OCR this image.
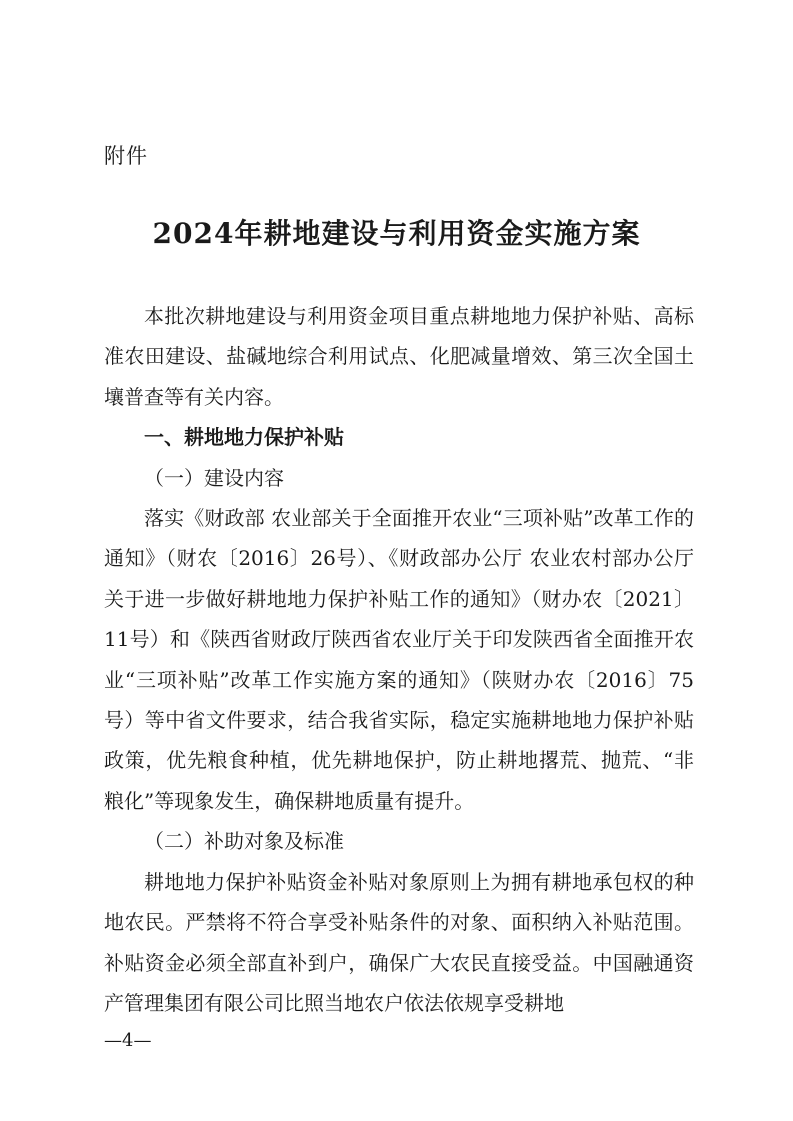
附件
2024年耕地建设与利用资金实施方案

本批次耕地建设与利用资金项目重点耕地地力保护补贴、高标准农田建设、盐碱地综合利用试点、化肥减量增效、第三次全国土壤普查等有关内容。

一、耕地地力保护补贴

（一）建设内容

落实《财政部 农业部关于全面推开农业“三项补贴”改革工作的通知》（财农〔2016〕26号）、《财政部办公厅 农业农村部办公厅关于进一步做好耕地地力保护补贴工作的通知》（财办农〔2021〕11号）和《陕西省财政厅陕西省农业厅关于印发陕西省全面推开农业“三项补贴”改革工作实施方案的通知》（陕财办农〔2016〕75号）等中省文件要求，结合我省实际，稳定实施耕地地力保护补贴政策，优先粮食种植，优先耕地保护，防止耕地撂荒、抛荒、“非粮化”等现象发生，确保耕地质量有提升。

（二）补助对象及标准

耕地地力保护补贴资金补贴对象原则上为拥有耕地承包权的种地农民。严禁将不符合享受补贴条件的对象、面积纳入补贴范围。补贴资金必须全部直补到户，确保广大农民直接受益。中国融通资产管理集团有限公司比照当地农户依法依规享受耕地

—4—
